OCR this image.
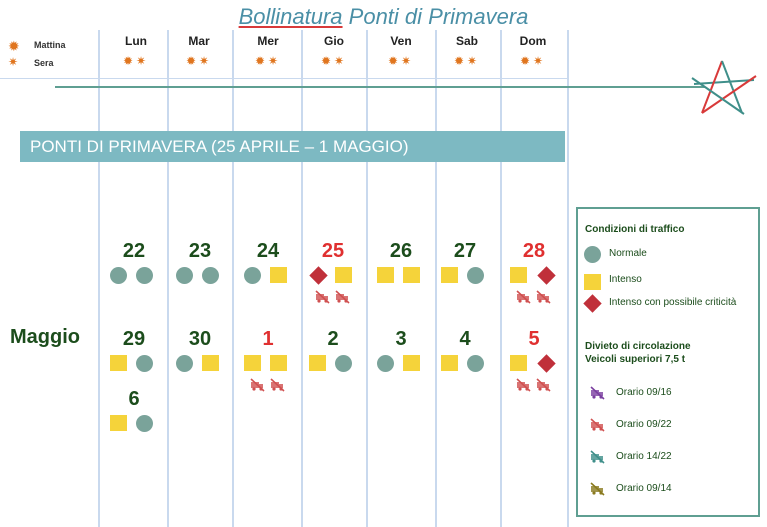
Bollinatura Ponti di Primavera
✹ Mattina
✷ Sera
Lun	Mar	Mer	Gio	Ven	Sab	Dom
✹✷	✹✷	✹✷	✹✷	✹✷	✹✷	✹✷
PONTI DI PRIMAVERA (25 APRILE – 1 MAGGIO)
Maggio
22	23	24	25	26	27	28
29	30	1	2	3	4	5
6
Condizioni di traffico
Normale
Intenso
Intenso con possibile criticità
Divieto di circolazione
Veicoli superiori 7,5 t
Orario 09/16
Orario 09/22
Orario 14/22
Orario 09/14
